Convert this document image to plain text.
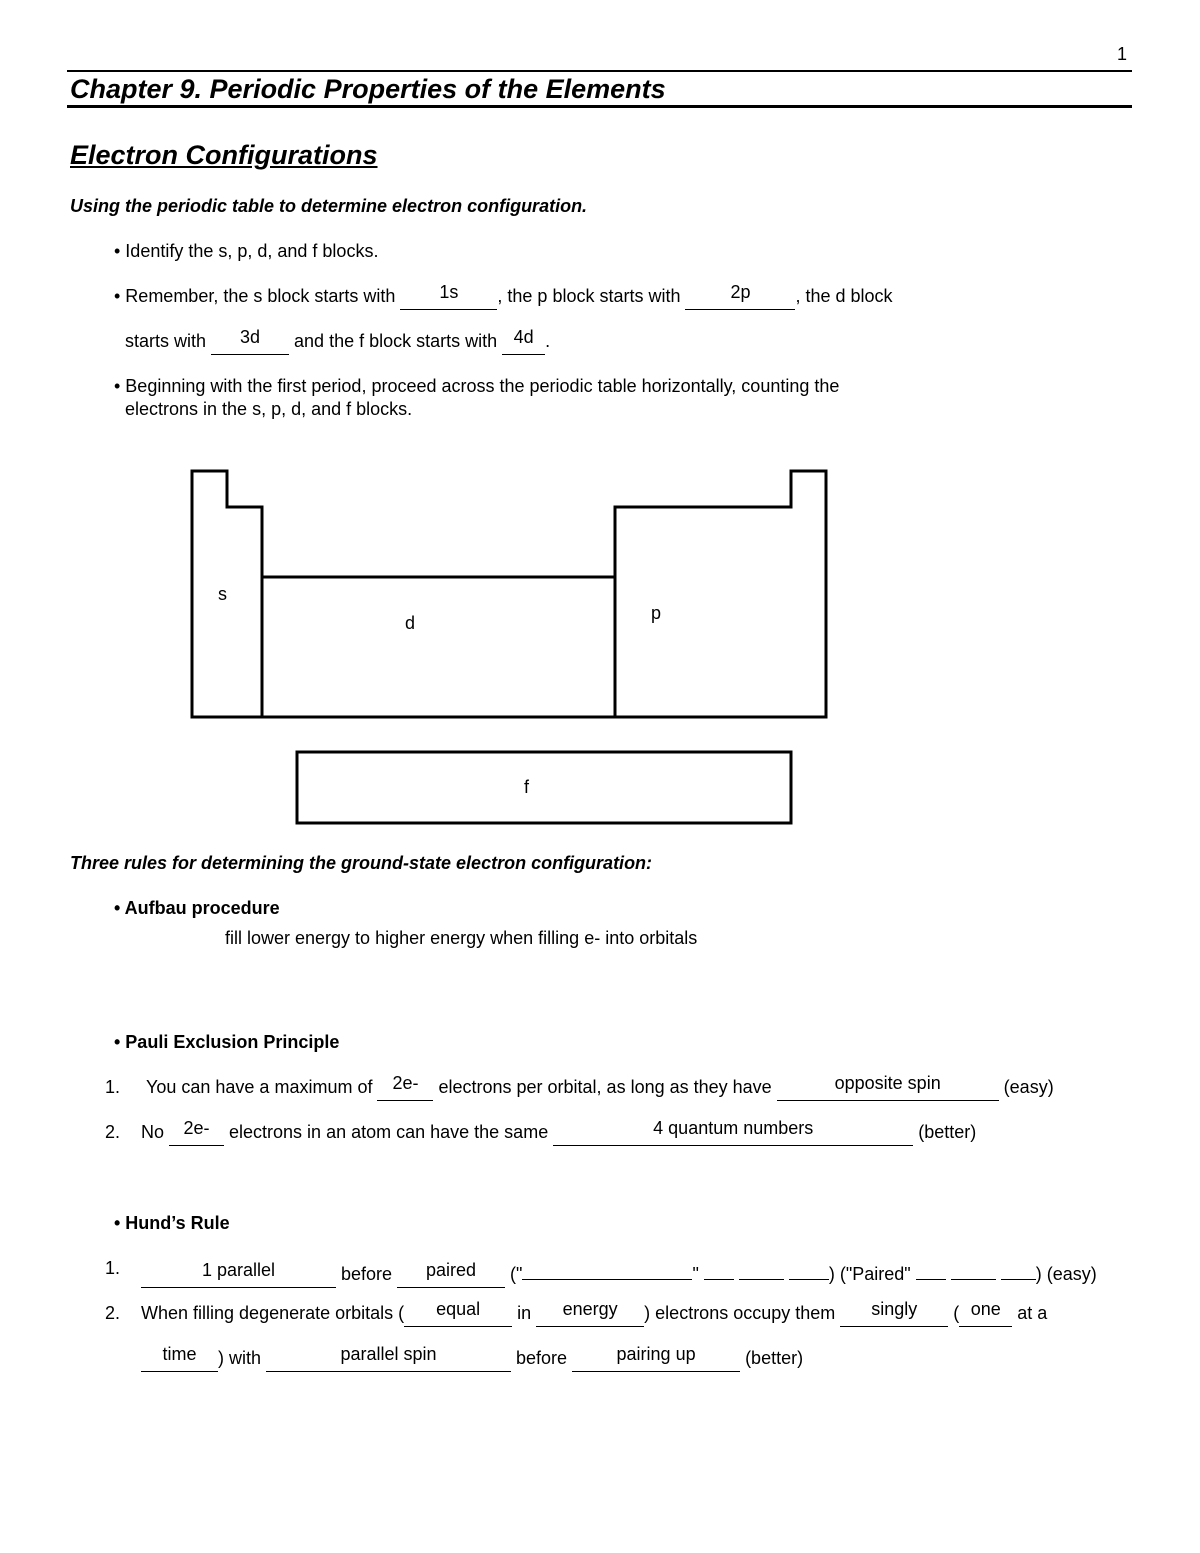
1
Chapter 9. Periodic Properties of the Elements
Electron Configurations
Using the periodic table to determine electron configuration.
• Identify the s, p, d, and f blocks.
• Remember, the s block starts with 1s , the p block starts with 2p , the d block
starts with 3d and the f block starts with 4d .
• Beginning with the first period, proceed across the periodic table horizontally, counting the
electrons in the s, p, d, and f blocks.
s
d	p
f
Three rules for determining the ground-state electron configuration:
• Aufbau procedure
fill lower energy to higher energy when filling e- into orbitals
• Pauli Exclusion Principle
1. You can have a maximum of 2e- electrons per orbital, as long as they have	opposite spin	(easy)
2. No 2e- electrons in an atom can have the same	4 quantum numbers	(better)
• Hund’s Rule
1.	1 parallel	before paired ("	"	) ("Paired"	) (easy)
2. When filling degenerate orbitals ( equal in energy ) electrons occupy them singly ( one at a
time ) with	parallel spin	before pairing up (better)
